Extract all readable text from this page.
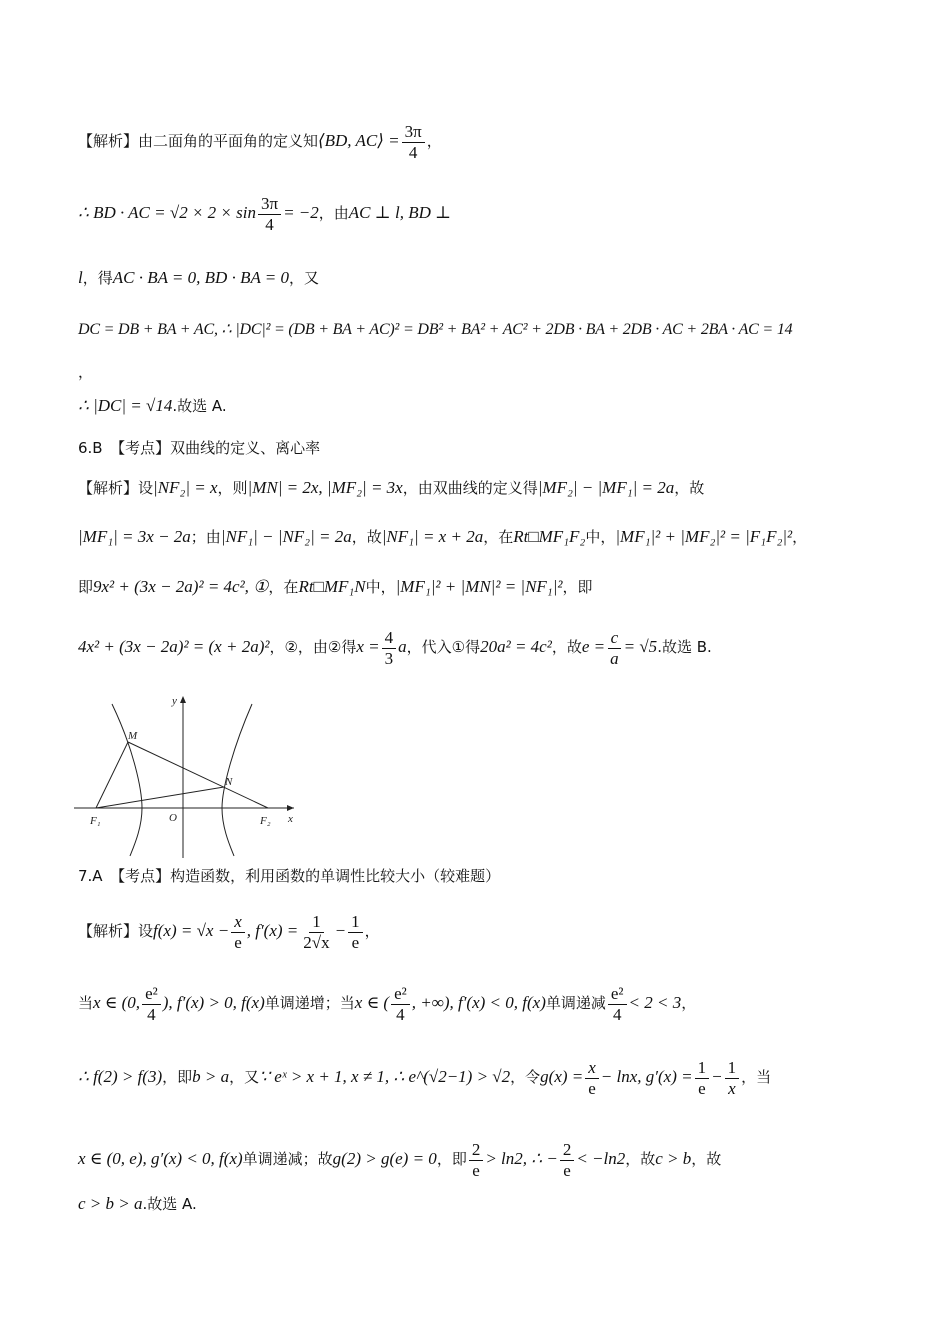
【解析】由二面角的平面角的定义知⟨BD, AC⟩ = $\frac{3\pi}{4}$ ，
∴ BD · AC = $√2 \times 2 \times \sin \frac{3\pi}{4} = -2$，由AC ⊥ l, BD ⊥
l，得AC · BA = 0, BD · BA = 0，又
DC = DB + BA + AC, ∴ |DC|² = (DB + BA + AC)² = DB² + BA² + AC² + 2DB · BA + 2DB · AC + 2BA · AC = 14
，
∴ |DC| = √14.故选 A.
6.B　【考点】双曲线的定义、离心率
【解析】设|NF₂| = x，则|MN| = 2x, |MF₂| = 3x，由双曲线的定义得|MF₂| − |MF₁| = 2a，故
|MF₁| = 3x − 2a；由|NF₁| − |NF₂| = 2a，故|NF₁| = x + 2a，在Rt□MF₁F₂中，|MF₁|² + |MF₂|² = |F₁F₂|²，
即9x² + (3x − 2a)² = 4c², ①，在Rt□MF₁N中，|MF₁|² + |MN|² = |NF₁|²，即
4x² + (3x − 2a)² = (x + 2a)²，②，由②得$x = \frac{4}{3}$ a，代入①得20a² = 4c²，故$e = \frac{c}{a} = √5$.故选 B.
y
x
M
N
O
F₁	F₂
7.A　【考点】构造函数，利用函数的单调性比较大小（较难题）
【解析】设$f(x) = √x - \frac{x}{e}$ , $f'(x) = \frac{1}{2√x} - \frac{1}{e}$ ，
当x ∈ (0, $\frac{\text{e²}}{4}$ ), f′(x) > 0, f(x)单调递增；当x ∈ ( $\frac{\text{e²}}{4}$ , +∞), f′(x) < 0, f(x)单调递减 $\frac{\text{e²}}{4} < 2 < 3$，
∴ f(2) > f(3)，即b > a，又∵ eˣ > x + 1, x ≠ 1, ∴ e^(√2−1) > √2，令$g(x) = \frac{x}{e} - \ln x$, $g'(x) = \frac{1}{e} - \frac{1}{x}$ ，当
x ∈ (0, e), g′(x) < 0, f(x)单调递减；故g(2) > g(e) = 0，即 $\frac{2}{e} > \ln 2$, ∴ − $\frac{2}{e} < -\ln 2$，故c > b，故
c > b > a.故选 A.
